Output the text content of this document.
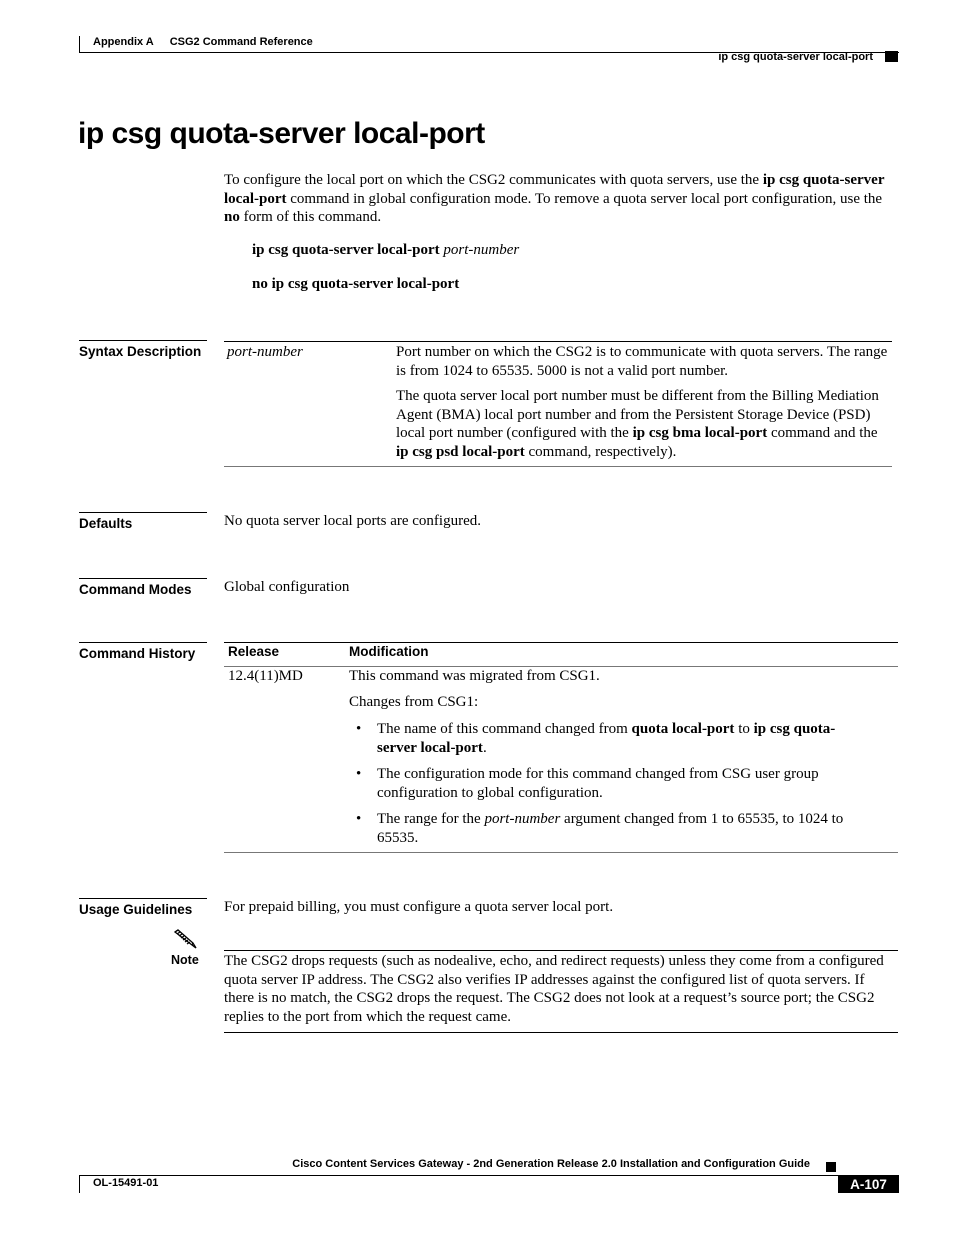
Appendix A CSG2 Command Reference
ip csg quota-server local-port
ip csg quota-server local-port
To configure the local port on which the CSG2 communicates with quota servers, use the ip csg quota-server local-port command in global configuration mode. To remove a quota server local port configuration, use the no form of this command.
ip csg quota-server local-port port-number
no ip csg quota-server local-port
Syntax Description	port-number	Port number on which the CSG2 is to communicate with quota servers. The range is from 1024 to 65535. 5000 is not a valid port number.
The quota server local port number must be different from the Billing Mediation Agent (BMA) local port number and from the Persistent Storage Device (PSD) local port number (configured with the ip csg bma local-port command and the ip csg psd local-port command, respectively).
Defaults	No quota server local ports are configured.
Command Modes	Global configuration
Command History	Release	Modification
12.4(11)MD	This command was migrated from CSG1.
Changes from CSG1:
• The name of this command changed from quota local-port to ip csg quota-server local-port.
• The configuration mode for this command changed from CSG user group configuration to global configuration.
• The range for the port-number argument changed from 1 to 65535, to 1024 to 65535.
Usage Guidelines	For prepaid billing, you must configure a quota server local port.
Note The CSG2 drops requests (such as nodealive, echo, and redirect requests) unless they come from a configured quota server IP address. The CSG2 also verifies IP addresses against the configured list of quota servers. If there is no match, the CSG2 drops the request. The CSG2 does not look at a request’s source port; the CSG2 replies to the port from which the request came.
Cisco Content Services Gateway - 2nd Generation Release 2.0 Installation and Configuration Guide
OL-15491-01	A-107
